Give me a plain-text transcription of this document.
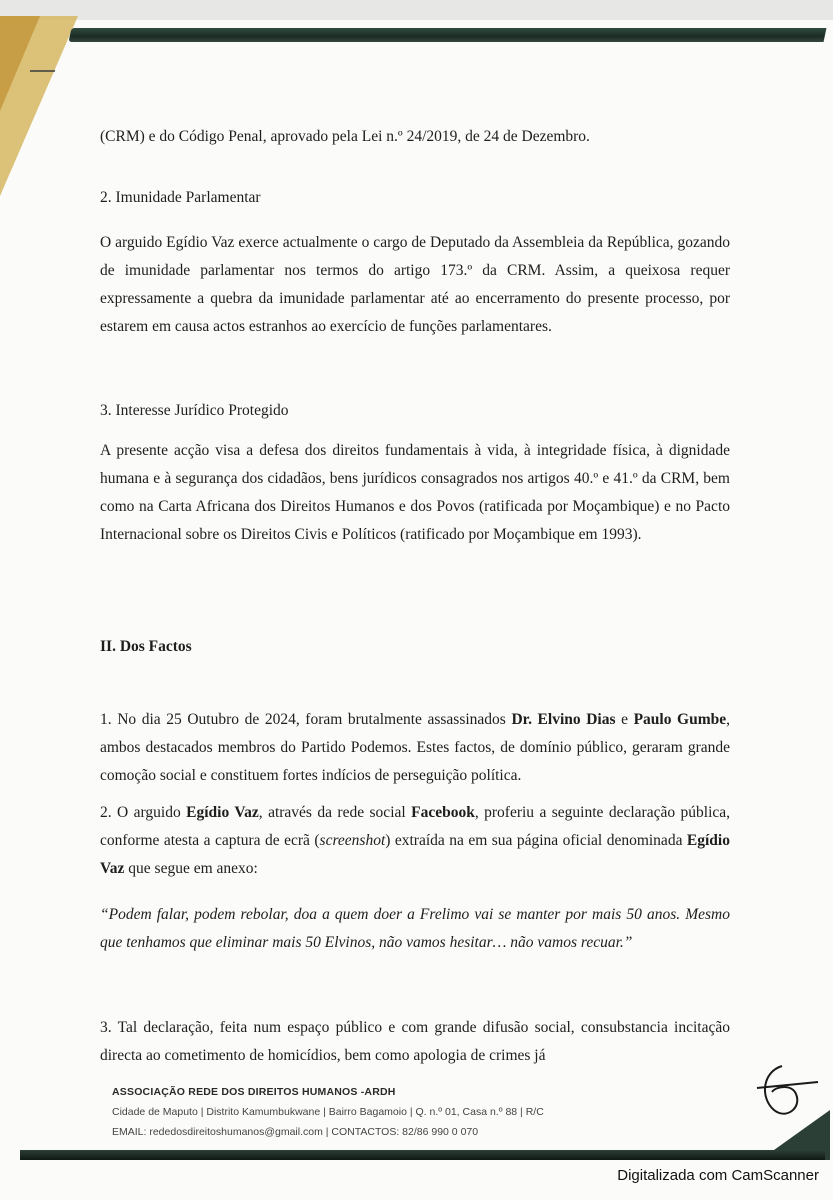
(CRM) e do Código Penal, aprovado pela Lei n.º 24/2019, de 24 de Dezembro.
2. Imunidade Parlamentar
O arguido Egídio Vaz exerce actualmente o cargo de Deputado da Assembleia da República, gozando de imunidade parlamentar nos termos do artigo 173.º da CRM. Assim, a queixosa requer expressamente a quebra da imunidade parlamentar até ao encerramento do presente processo, por estarem em causa actos estranhos ao exercício de funções parlamentares.
3. Interesse Jurídico Protegido
A presente acção visa a defesa dos direitos fundamentais à vida, à integridade física, à dignidade humana e à segurança dos cidadãos, bens jurídicos consagrados nos artigos 40.º e 41.º da CRM, bem como na Carta Africana dos Direitos Humanos e dos Povos (ratificada por Moçambique) e no Pacto Internacional sobre os Direitos Civis e Políticos (ratificado por Moçambique em 1993).
II. Dos Factos
1. No dia 25 Outubro de 2024, foram brutalmente assassinados Dr. Elvino Dias e Paulo Gumbe, ambos destacados membros do Partido Podemos. Estes factos, de domínio público, geraram grande comoção social e constituem fortes indícios de perseguição política.
2. O arguido Egídio Vaz, através da rede social Facebook, proferiu a seguinte declaração pública, conforme atesta a captura de ecrã (screenshot) extraída na em sua página oficial denominada Egídio Vaz que segue em anexo:
“Podem falar, podem rebolar, doa a quem doer a Frelimo vai se manter por mais 50 anos. Mesmo que tenhamos que eliminar mais 50 Elvinos, não vamos hesitar… não vamos recuar.”
3. Tal declaração, feita num espaço público e com grande difusão social, consubstancia incitação directa ao cometimento de homicídios, bem como apologia de crimes já
ASSOCIAÇÃO REDE DOS DIREITOS HUMANOS -ARDH
Cidade de Maputo | Distrito Kamumbukwane | Bairro Bagamoio | Q. n.º 01, Casa n.º 88 | R/C
EMAIL: rededosdireitoshumanos@gmail.com | CONTACTOS: 82/86 990 0 070
Digitalizada com CamScanner
